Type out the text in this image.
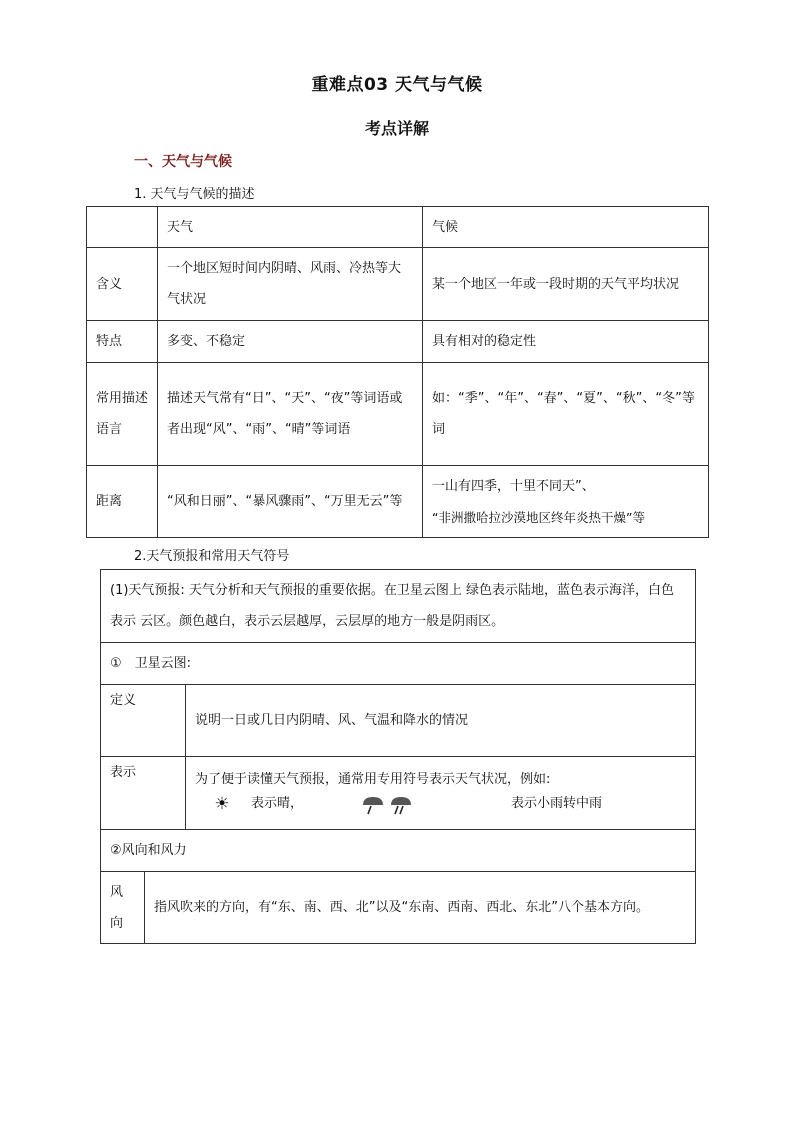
重难点03 天气与气候
考点详解
一、天气与气候
1. 天气与气候的描述
	天气	气候
含义	一个地区短时间内阴晴、风雨、冷热等大气状况	某一个地区一年或一段时期的天气平均状况
特点	多变、不稳定	具有相对的稳定性
常用描述语言	描述天气常有“日”、“天”、“夜”等词语或者出现“风”、“雨”、“晴”等词语	如：“季”、“年”、“春”、“夏”、“秋”、“冬”等词
距离	“风和日丽”、“暴风骤雨”、“万里无云”等	一山有四季，十里不同天”、
“非洲撒哈拉沙漠地区终年炎热干燥”等
2.天气预报和常用天气符号
(1)天气预报: 天气分析和天气预报的重要依据。在卫星云图上 绿色表示陆地，蓝色表示海洋，白色表示 云区。颜色越白，表示云层越厚，云层厚的地方一般是阴雨区。		
①　卫星云图:		
定义		说明一日或几日内阴晴、风、气温和降水的情况
表示		为了便于读懂天气预报，通常用专用符号表示天气状况，例如:
☀ 表示晴， 表示小雨转中雨

②风向和风力		

风
向	指风吹来的方向，有“东、南、西、北”以及“东南、西南、西北、东北”八个基本方向。	
